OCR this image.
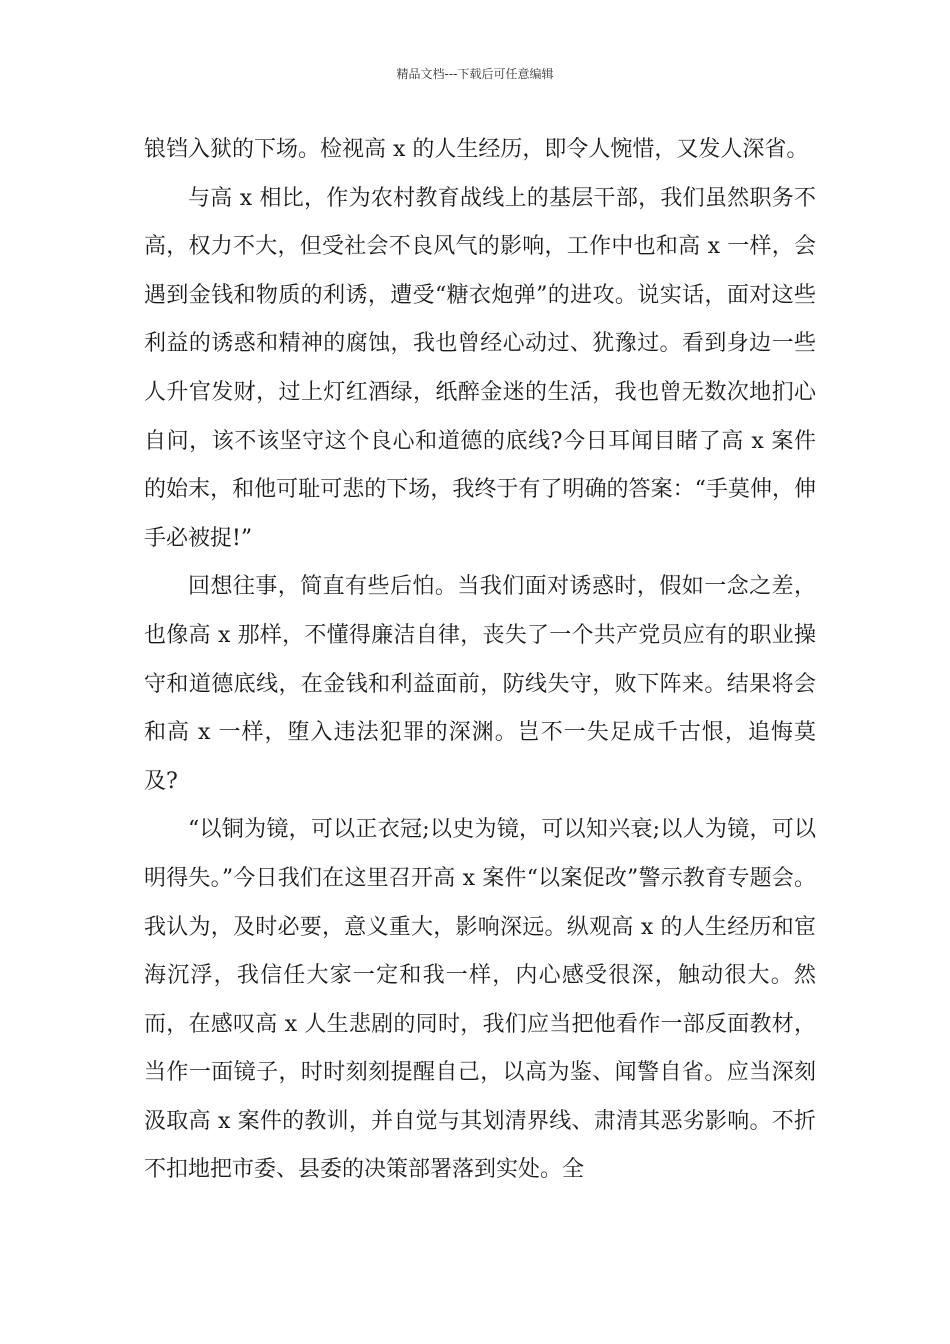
精品文档---下载后可任意编辑

锒铛入狱的下场。检视高 x 的人生经历，即令人惋惜，又发人深省。

与高 x 相比，作为农村教育战线上的基层干部，我们虽然职务不高，权力不大，但受社会不良风气的影响，工作中也和高 x 一样，会遇到金钱和物质的利诱，遭受“糖衣炮弹”的进攻。说实话，面对这些利益的诱惑和精神的腐蚀，我也曾经心动过、犹豫过。看到身边一些人升官发财，过上灯红酒绿，纸醉金迷的生活，我也曾无数次地扪心自问，该不该坚守这个良心和道德的底线?今日耳闻目睹了高 x 案件的始末，和他可耻可悲的下场，我终于有了明确的答案：“手莫伸，伸手必被捉!”

回想往事，简直有些后怕。当我们面对诱惑时，假如一念之差，也像高 x 那样，不懂得廉洁自律，丧失了一个共产党员应有的职业操守和道德底线，在金钱和利益面前，防线失守，败下阵来。结果将会和高 x 一样，堕入违法犯罪的深渊。岂不一失足成千古恨，追悔莫及?

“以铜为镜，可以正衣冠;以史为镜，可以知兴衰;以人为镜，可以明得失。”今日我们在这里召开高 x 案件“以案促改”警示教育专题会。我认为，及时必要，意义重大，影响深远。纵观高 x 的人生经历和宦海沉浮，我信任大家一定和我一样，内心感受很深，触动很大。然而，在感叹高 x 人生悲剧的同时，我们应当把他看作一部反面教材，当作一面镜子，时时刻刻提醒自己，以高为鉴、闻警自省。应当深刻汲取高 x 案件的教训，并自觉与其划清界线、肃清其恶劣影响。不折不扣地把市委、县委的决策部署落到实处。全
